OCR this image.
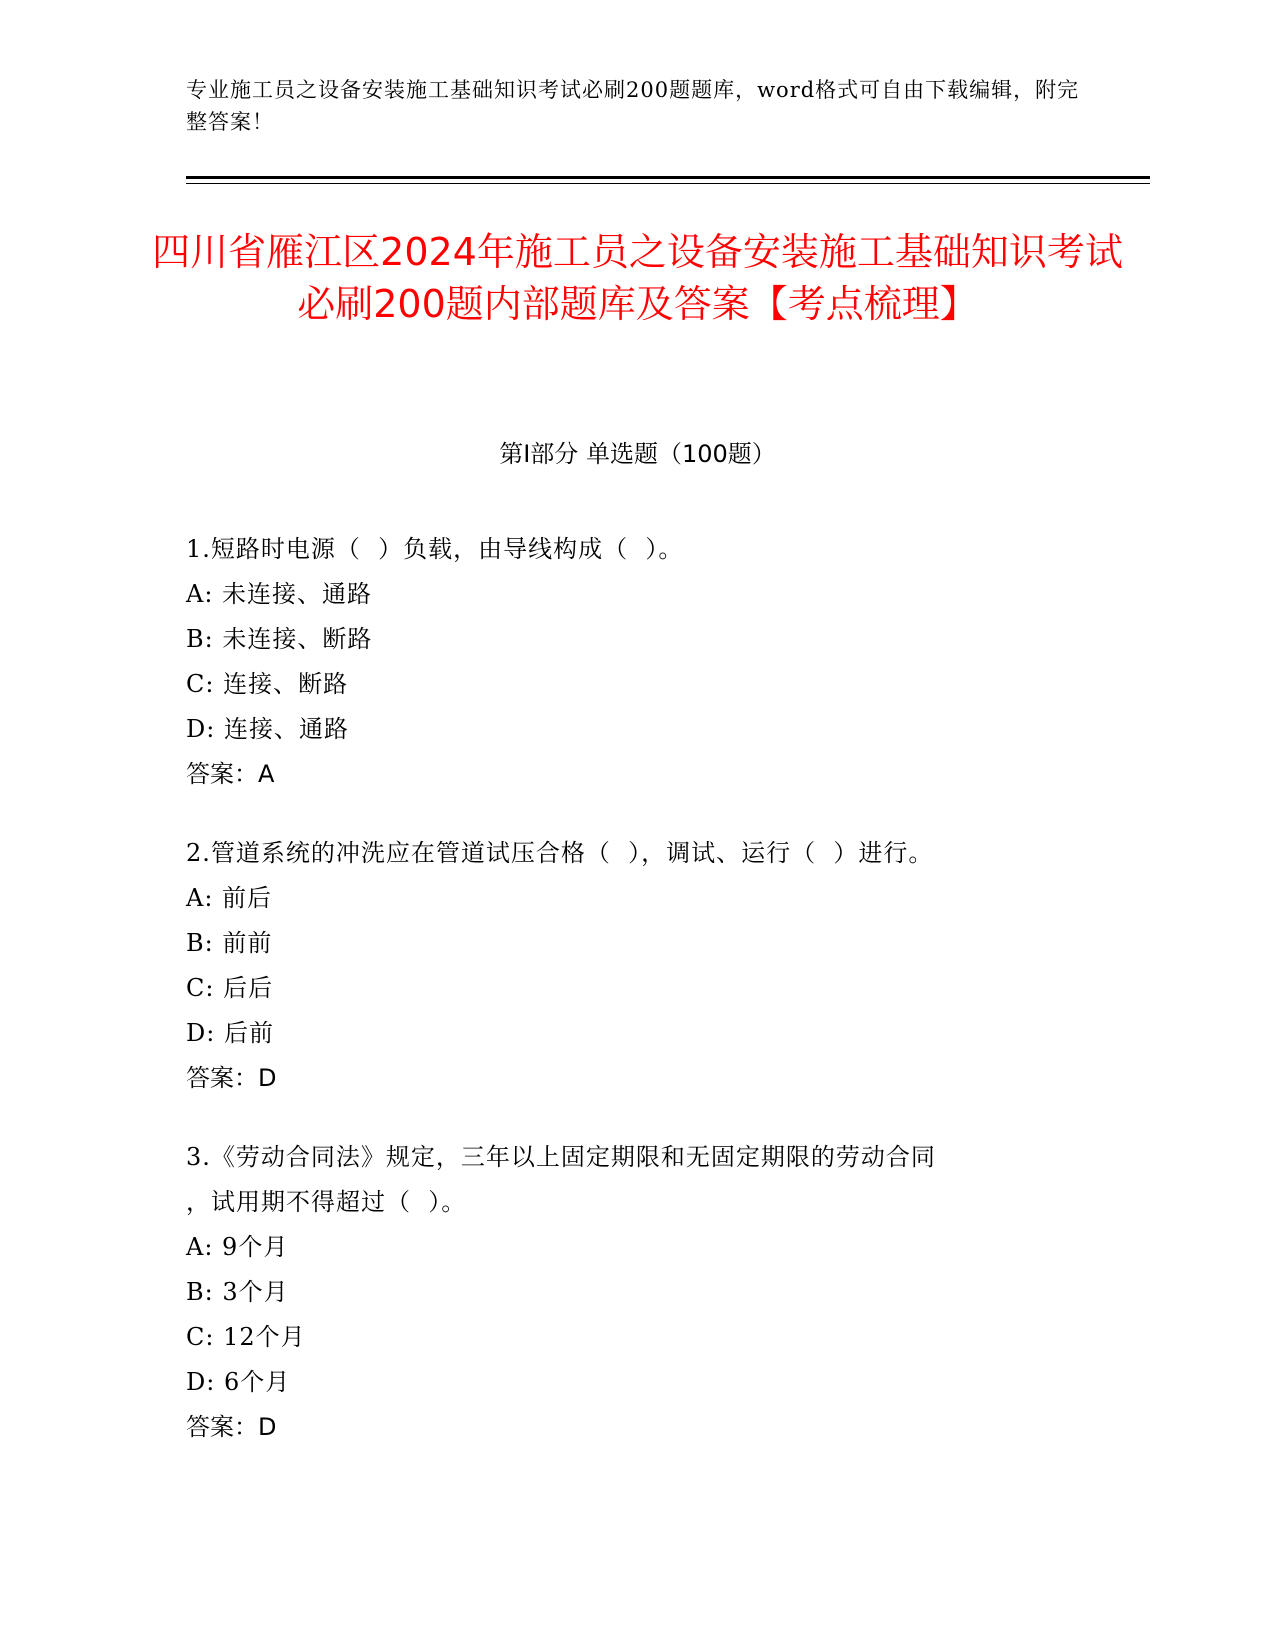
专业施工员之设备安装施工基础知识考试必刷200题题库，word格式可自由下载编辑，附完整答案！
四川省雁江区2024年施工员之设备安装施工基础知识考试必刷200题内部题库及答案【考点梳理】
第Ⅰ部分 单选题（100题）
1.短路时电源（  ）负载，由导线构成（  ）。
A: 未连接、通路
B: 未连接、断路
C: 连接、断路
D: 连接、通路
答案：A
2.管道系统的冲洗应在管道试压合格（  ），调试、运行（  ）进行。
A: 前后
B: 前前
C: 后后
D: 后前
答案：D
3.《劳动合同法》规定，三年以上固定期限和无固定期限的劳动合同
，试用期不得超过（  ）。
A: 9个月
B: 3个月
C: 12个月
D: 6个月
答案：D
